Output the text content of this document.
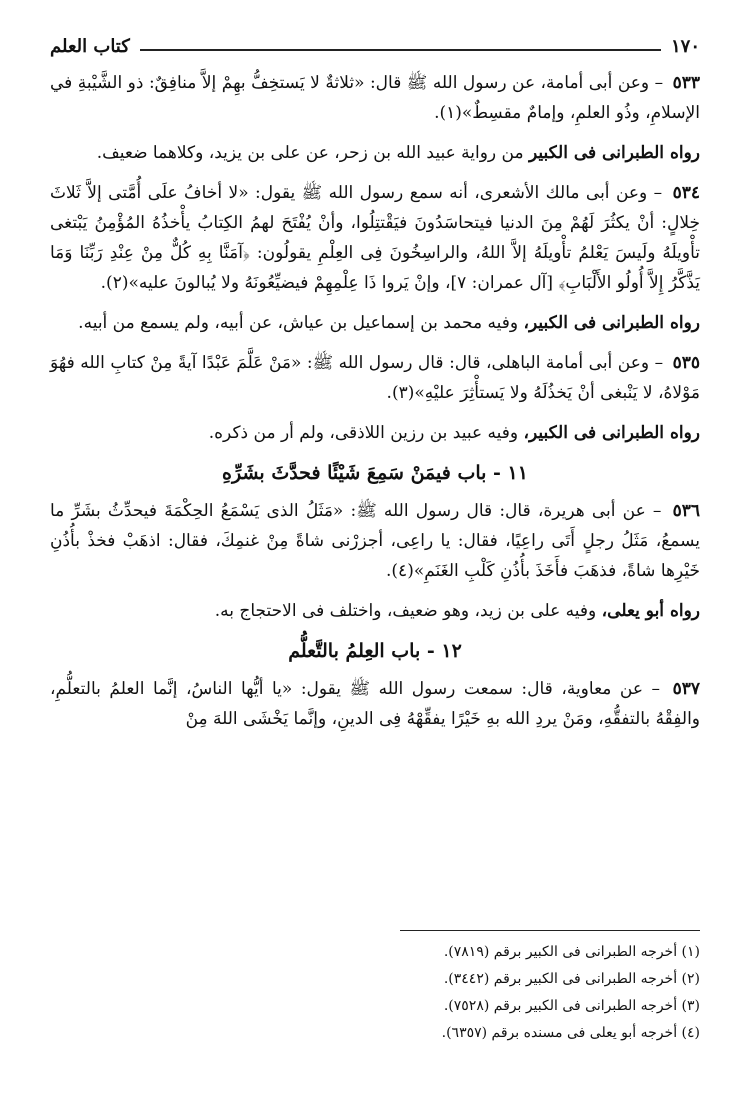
١٧٠
كتاب العلم

٥٣٣ – وعن أبى أمامة، عن رسول الله ﷺ قال: «ثلاثةٌ لا يَستخِفُّ بهِمْ إلاَّ منافِقٌ: ذو الشَّيْبةِ في الإسلامِ، وذُو العلمِ، وإمامٌ مقسِطٌ»(١).

رواه الطبرانى فى الكبير من رواية عبيد الله بن زحر، عن على بن يزيد، وكلاهما ضعيف.

٥٣٤ – وعن أبى مالك الأشعرى، أنه سمع رسول الله ﷺ يقول: «لا أخافُ علَى أُمَّتى إلاَّ ثَلاثَ خِلالٍ: أنْ يكثُرَ لَهُمْ مِنَ الدنيا فيتحاسَدُونَ فيَقْتتِلُوا، وأنْ يُفْتَحَ لهمُ الكِتابُ يأْخذُهُ المُؤْمِنُ يَبْتغى تأْويلَهُ ولَيسَ يَعْلمُ تأْويلَهُ إلاَّ اللهُ، والراسِخُونَ فِى العِلْمِ يقولُون: ﴿آمَنَّا بِهِ كُلٌّ مِنْ عِنْدِ رَبِّنَا وَمَا يَذَّكَّرُ إِلاَّ أُولُو الأَلْبَابِ﴾ [آل عمران: ٧]، وإنْ يَروا ذَا عِلْمِهِمْ فيضيِّعُونَهُ ولا يُبالونَ عليه»(٢).

رواه الطبرانى فى الكبير، وفيه محمد بن إسماعيل بن عياش، عن أبيه، ولم يسمع من أبيه.

٥٣٥ – وعن أبى أمامة الباهلى، قال: قال رسول الله ﷺ: «مَنْ عَلَّمَ عَبْدًا آيةً مِنْ كتابِ الله فهُوَ مَوْلاهُ، لا يَنْبغى أنْ يَخذُلَهُ ولا يَستأْثِرَ عليْهِ»(٣).

رواه الطبرانى فى الكبير، وفيه عبيد بن رزين اللاذقى، ولم أر من ذكره.

١١ - باب فيمَنْ سَمِعَ شَيْئًا فحدَّثَ بشَرِّهِ

٥٣٦ – عن أبى هريرة، قال: قال رسول الله ﷺ: «مَثَلُ الذى يَسْمَعُ الحِكْمَةَ فيحدِّثُ بشَرِّ ما يسمعُ، مَثَلُ رجلٍ أَتَى راعِيًا، فقال: يا راعِى، أجزرْنى شاةً مِنْ غنمِكَ، فقال: اذهَبْ فخذْ بأُذُنِ خَيْرِها شاةً، فذهَبَ فأَخَذَ بأُذُنِ كَلْبِ الغَنَمِ»(٤).

رواه أبو يعلى، وفيه على بن زيد، وهو ضعيف، واختلف فى الاحتجاج به.

١٢ - باب العِلمُ بالتَّعلُّم

٥٣٧ – عن معاوية، قال: سمعت رسول الله ﷺ يقول: «يا أيُّها الناسُ، إنَّما العلمُ بالتعلُّمِ، والفِقْهُ بالتفقُّهِ، ومَنْ يردِ الله بهِ خَيْرًا يفقِّهْهُ فِى الدينِ، وإنَّما يَخْشَى اللهَ مِنْ

(١) أخرجه الطبرانى فى الكبير برقم (٧٨١٩).

(٢) أخرجه الطبرانى فى الكبير برقم (٣٤٤٢).

(٣) أخرجه الطبرانى فى الكبير برقم (٧٥٢٨).

(٤) أخرجه أبو يعلى فى مسنده برقم (٦٣٥٧).
